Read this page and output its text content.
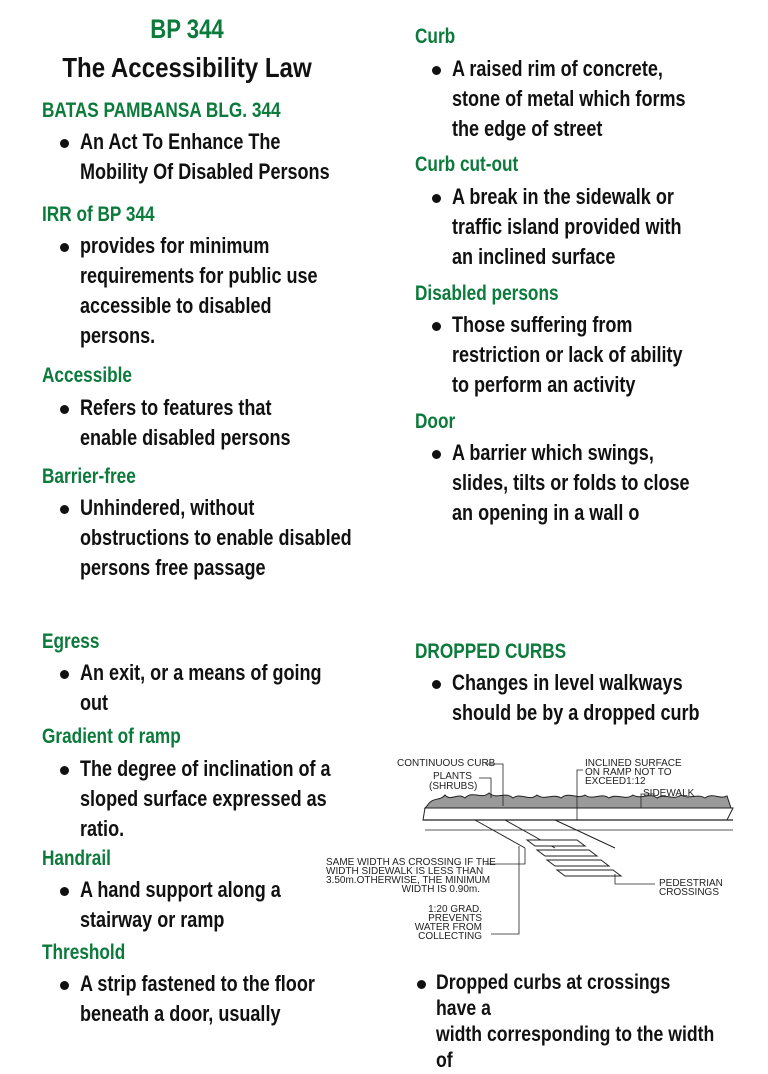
BP 344
The Accessibility Law
BATAS PAMBANSA BLG. 344
An Act To Enhance The
Mobility Of Disabled Persons
IRR of BP 344
provides for minimum
requirements for public use
accessible to disabled
persons.
Accessible
Refers to features that
enable disabled persons
Barrier-free
Unhindered, without
obstructions to enable disabled
persons free passage
Egress
An exit, or a means of going
out
Gradient of ramp
The degree of inclination of a
sloped surface expressed as
ratio.
Handrail
A hand support along a
stairway or ramp
Threshold
A strip fastened to the floor
beneath a door, usually
Curb
A raised rim of concrete,
stone of metal which forms
the edge of street
Curb cut-out
A break in the sidewalk or
traffic island provided with
an inclined surface
Disabled persons
Those suffering from
restriction or lack of ability
to perform an activity
Door
A barrier which swings,
slides, tilts or folds to close
an opening in a wall o
DROPPED CURBS
Changes in level walkways
should be by a dropped curb
CONTINUOUS CURB
PLANTS
(SHRUBS)
INCLINED SURFACE
ON RAMP NOT TO
EXCEED1:12
SIDEWALK
SAME WIDTH AS CROSSING IF THE
WIDTH SIDEWALK IS LESS THAN
3.50m.OTHERWISE, THE MINIMUM
WIDTH IS 0.90m.
PEDESTRIAN
CROSSINGS
1:20 GRAD.
PREVENTS
WATER FROM
COLLECTING
Dropped curbs at crossings have a
width corresponding to the width of
